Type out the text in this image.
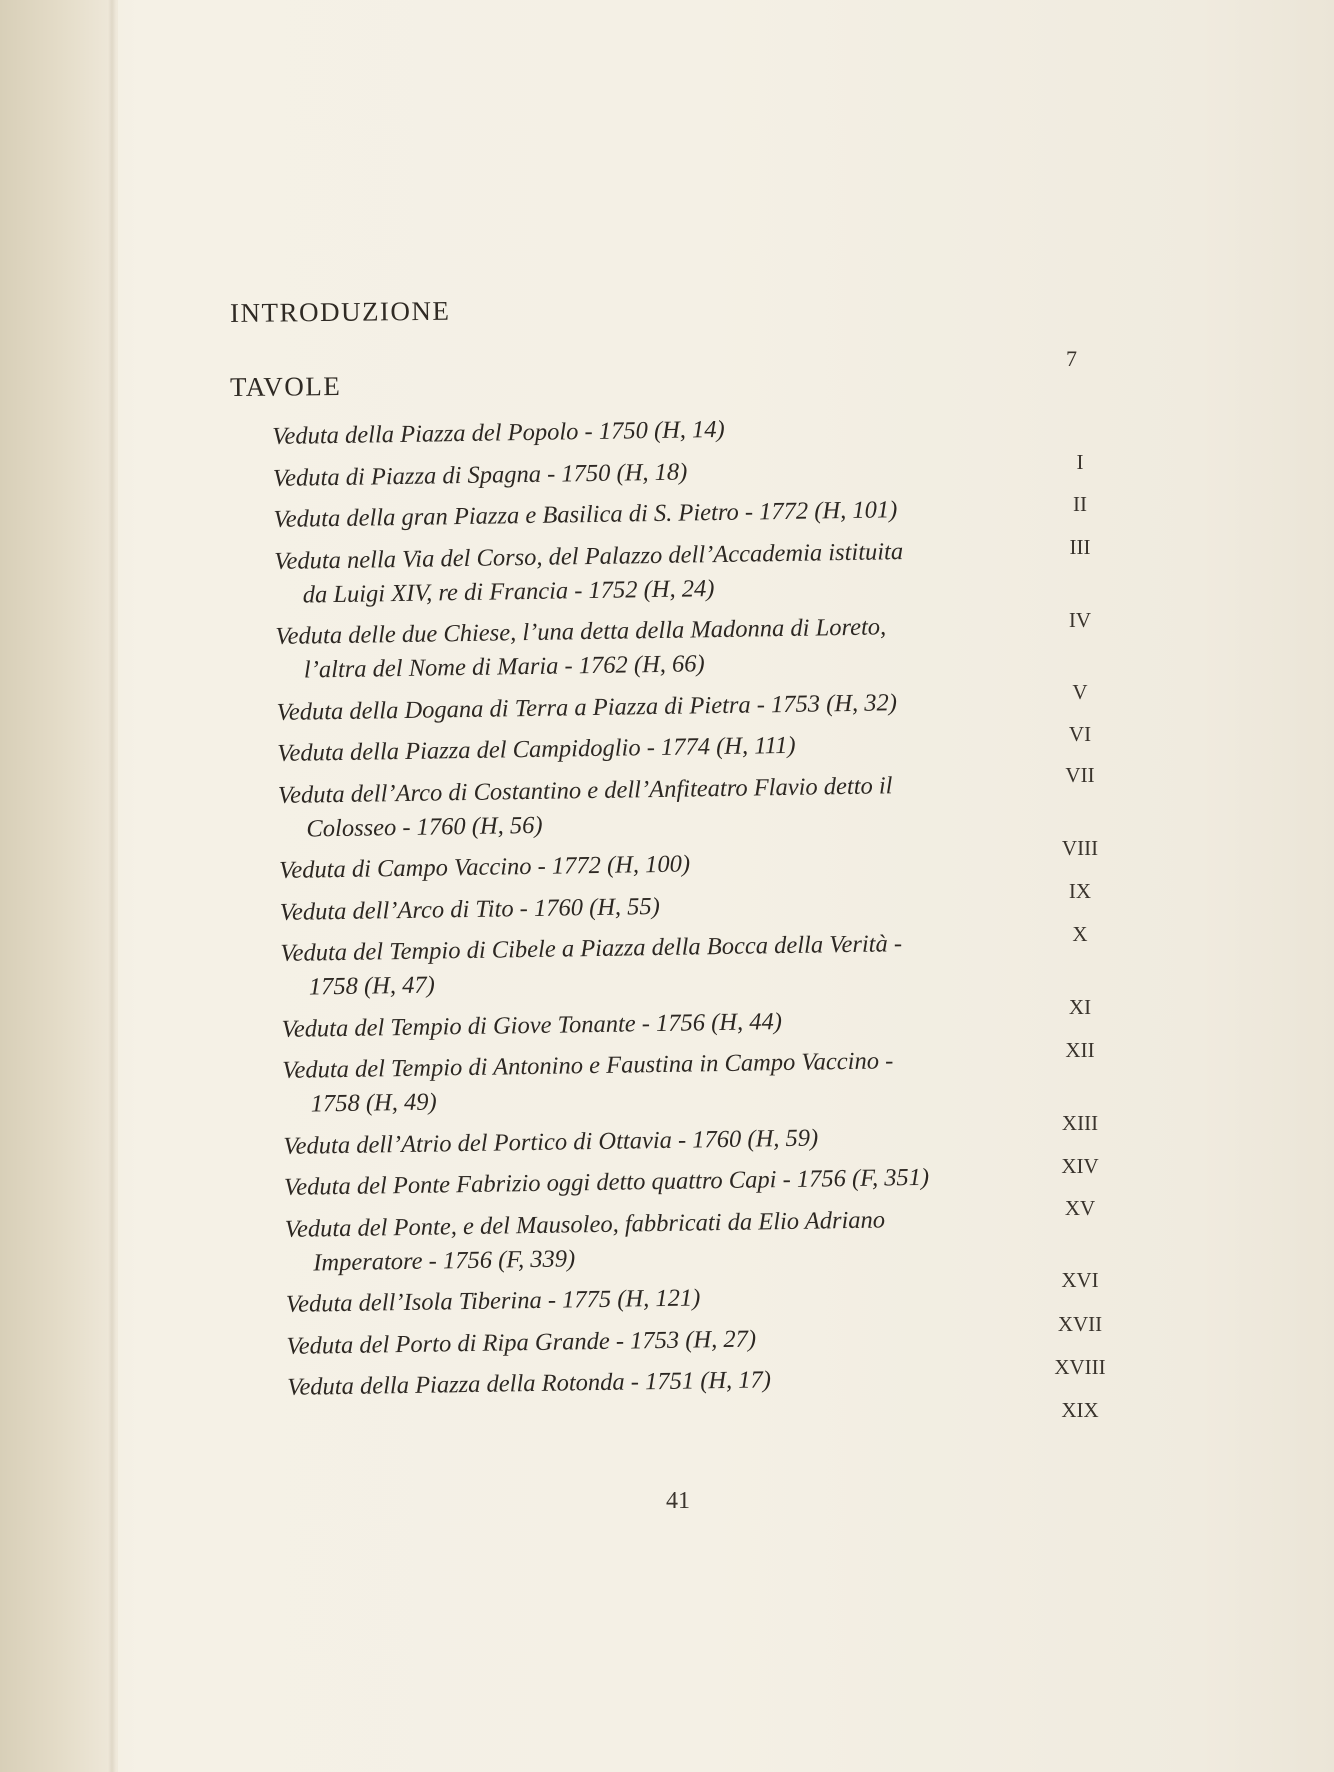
INTRODUZIONE
7
TAVOLE
Veduta della Piazza del Popolo - 1750 (H, 14)
Veduta di Piazza di Spagna - 1750 (H, 18)
Veduta della gran Piazza e Basilica di S. Pietro - 1772 (H, 101)
Veduta nella Via del Corso, del Palazzo dell’Accademia istituita
da Luigi XIV, re di Francia - 1752 (H, 24)
Veduta delle due Chiese, l’una detta della Madonna di Loreto,
l’altra del Nome di Maria - 1762 (H, 66)
Veduta della Dogana di Terra a Piazza di Pietra - 1753 (H, 32)
Veduta della Piazza del Campidoglio - 1774 (H, 111)
Veduta dell’Arco di Costantino e dell’Anfiteatro Flavio detto il
Colosseo - 1760 (H, 56)
Veduta di Campo Vaccino - 1772 (H, 100)
Veduta dell’Arco di Tito - 1760 (H, 55)
Veduta del Tempio di Cibele a Piazza della Bocca della Verità -
1758 (H, 47)
Veduta del Tempio di Giove Tonante - 1756 (H, 44)
Veduta del Tempio di Antonino e Faustina in Campo Vaccino -
1758 (H, 49)
Veduta dell’Atrio del Portico di Ottavia - 1760 (H, 59)
Veduta del Ponte Fabrizio oggi detto quattro Capi - 1756 (F, 351)
Veduta del Ponte, e del Mausoleo, fabbricati da Elio Adriano
Imperatore - 1756 (F, 339)
Veduta dell’Isola Tiberina - 1775 (H, 121)
Veduta del Porto di Ripa Grande - 1753 (H, 27)
Veduta della Piazza della Rotonda - 1751 (H, 17)
I
II
III
IV
V
VI
VII
VIII
IX
X
XI
XII
XIII
XIV
XV
XVI
XVII
XVIII
XIX
41
